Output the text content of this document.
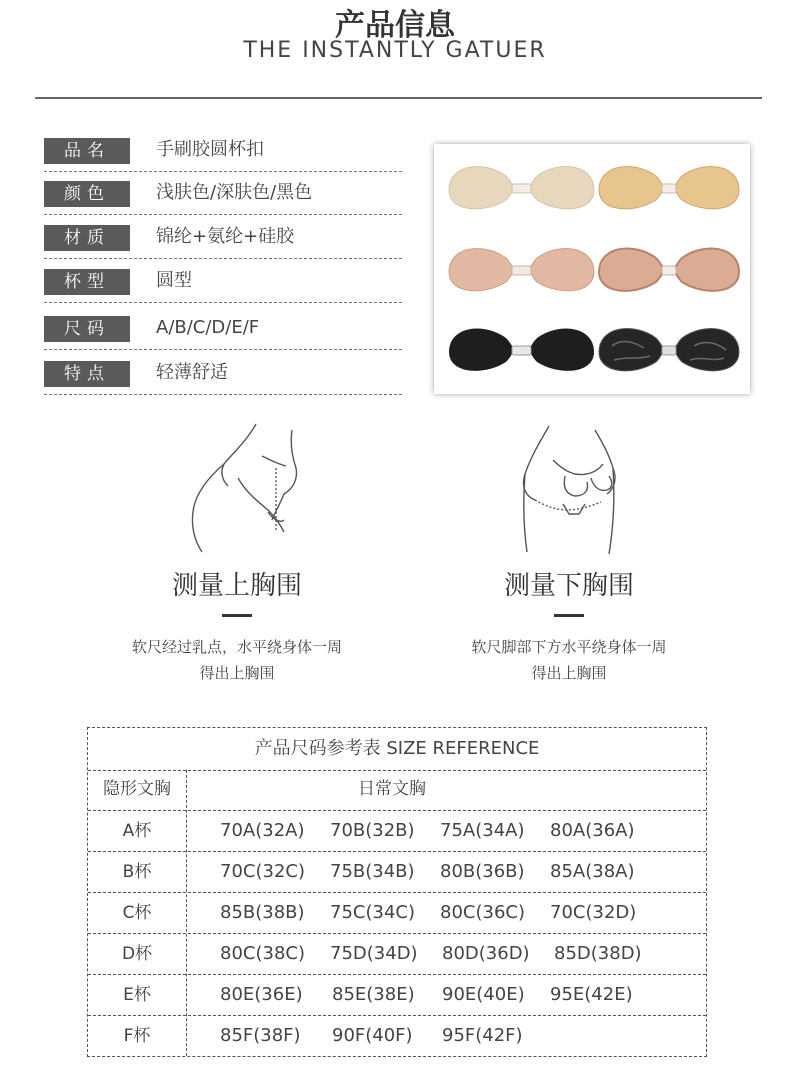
产品信息
THE INSTANTLY GATUER
品名	手刷胶圆杯扣
颜色	浅肤色/深肤色/黑色
材质	锦纶+氨纶+硅胶
杯型	圆型
尺码	A/B/C/D/E/F
特点	轻薄舒适
测量上胸围
软尺经过乳点，水平绕身体一周
得出上胸围
测量下胸围
软尺脚部下方水平绕身体一周
得出上胸围
产品尺码参考表 SIZE REFERENCE
隐形文胸	日常文胸
A杯	70A(32A) 70B(32B) 75A(34A) 80A(36A)
B杯	70C(32C) 75B(34B) 80B(36B) 85A(38A)
C杯	85B(38B) 75C(34C) 80C(36C) 70C(32D)
D杯	80C(38C) 75D(34D) 80D(36D) 85D(38D)
E杯	80E(36E) 85E(38E) 90E(40E) 95E(42E)
F杯	85F(38F) 90F(40F) 95F(42F)
